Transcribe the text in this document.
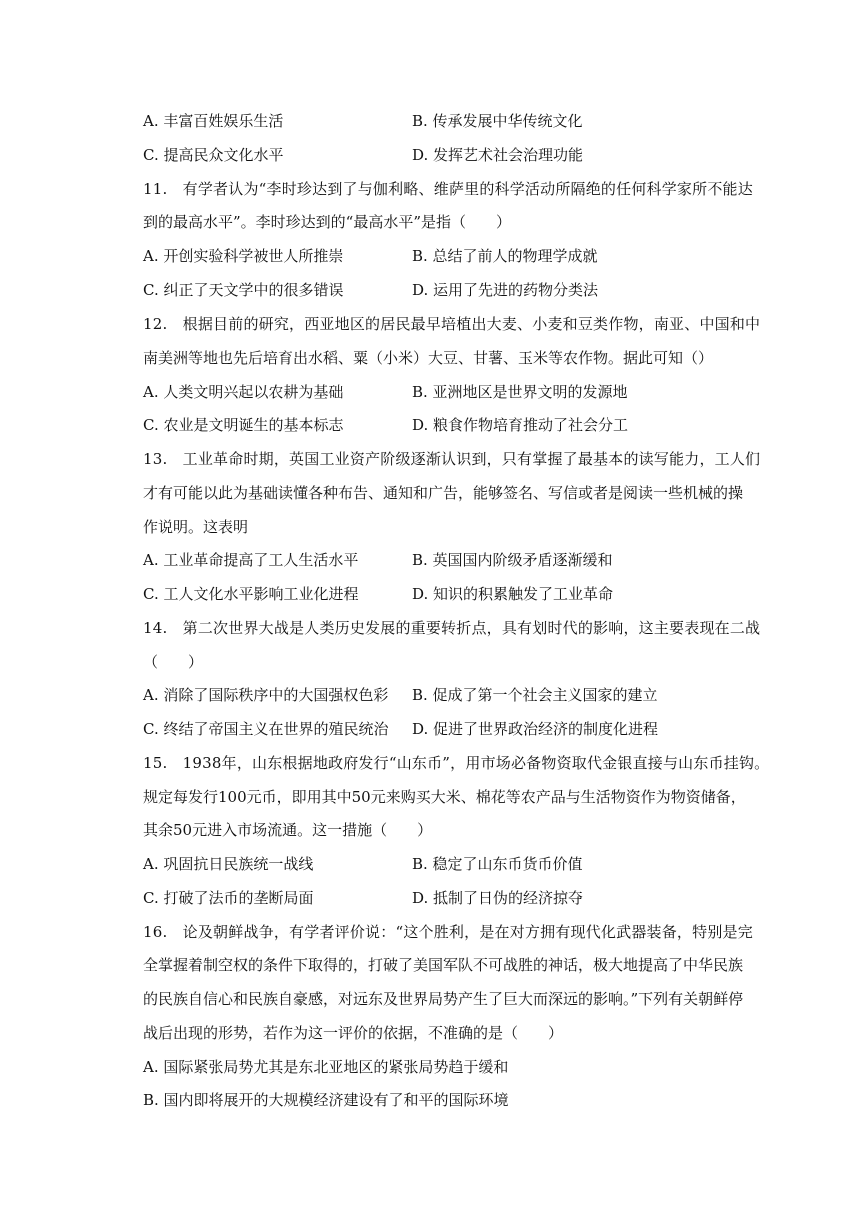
A. 丰富百姓娱乐生活	B. 传承发展中华传统文化
C. 提高民众文化水平	D. 发挥艺术社会治理功能
11.　有学者认为“李时珍达到了与伽利略、维萨里的科学活动所隔绝的任何科学家所不能达
到的最高水平”。李时珍达到的“最高水平”是指（　　）
A. 开创实验科学被世人所推崇	B. 总结了前人的物理学成就
C. 纠正了天文学中的很多错误	D. 运用了先进的药物分类法
12.　根据目前的研究，西亚地区的居民最早培植出大麦、小麦和豆类作物，南亚、中国和中
南美洲等地也先后培育出水稻、粟（小米）大豆、甘薯、玉米等农作物。据此可知（）
A. 人类文明兴起以农耕为基础	B. 亚洲地区是世界文明的发源地
C. 农业是文明诞生的基本标志	D. 粮食作物培育推动了社会分工
13.　工业革命时期，英国工业资产阶级逐渐认识到，只有掌握了最基本的读写能力，工人们
才有可能以此为基础读懂各种布告、通知和广告，能够签名、写信或者是阅读一些机械的操
作说明。这表明
A. 工业革命提高了工人生活水平	B. 英国国内阶级矛盾逐渐缓和
C. 工人文化水平影响工业化进程	D. 知识的积累触发了工业革命
14.　第二次世界大战是人类历史发展的重要转折点，具有划时代的影响，这主要表现在二战
（　　）
A. 消除了国际秩序中的大国强权色彩 B. 促成了第一个社会主义国家的建立
C. 终结了帝国主义在世界的殖民统治 D. 促进了世界政治经济的制度化进程
15.　1938年，山东根据地政府发行“山东币”，用市场必备物资取代金银直接与山东币挂钩。
规定每发行100元币，即用其中50元来购买大米、棉花等农产品与生活物资作为物资储备，
其余50元进入市场流通。这一措施（　　）
A. 巩固抗日民族统一战线	B. 稳定了山东币货币价值
C. 打破了法币的垄断局面	D. 抵制了日伪的经济掠夺
16.　论及朝鲜战争，有学者评价说：“这个胜利，是在对方拥有现代化武器装备，特别是完
全掌握着制空权的条件下取得的，打破了美国军队不可战胜的神话，极大地提高了中华民族
的民族自信心和民族自豪感，对远东及世界局势产生了巨大而深远的影响。”下列有关朝鲜停
战后出现的形势，若作为这一评价的依据，不准确的是（　　）
A. 国际紧张局势尤其是东北亚地区的紧张局势趋于缓和
B. 国内即将展开的大规模经济建设有了和平的国际环境
